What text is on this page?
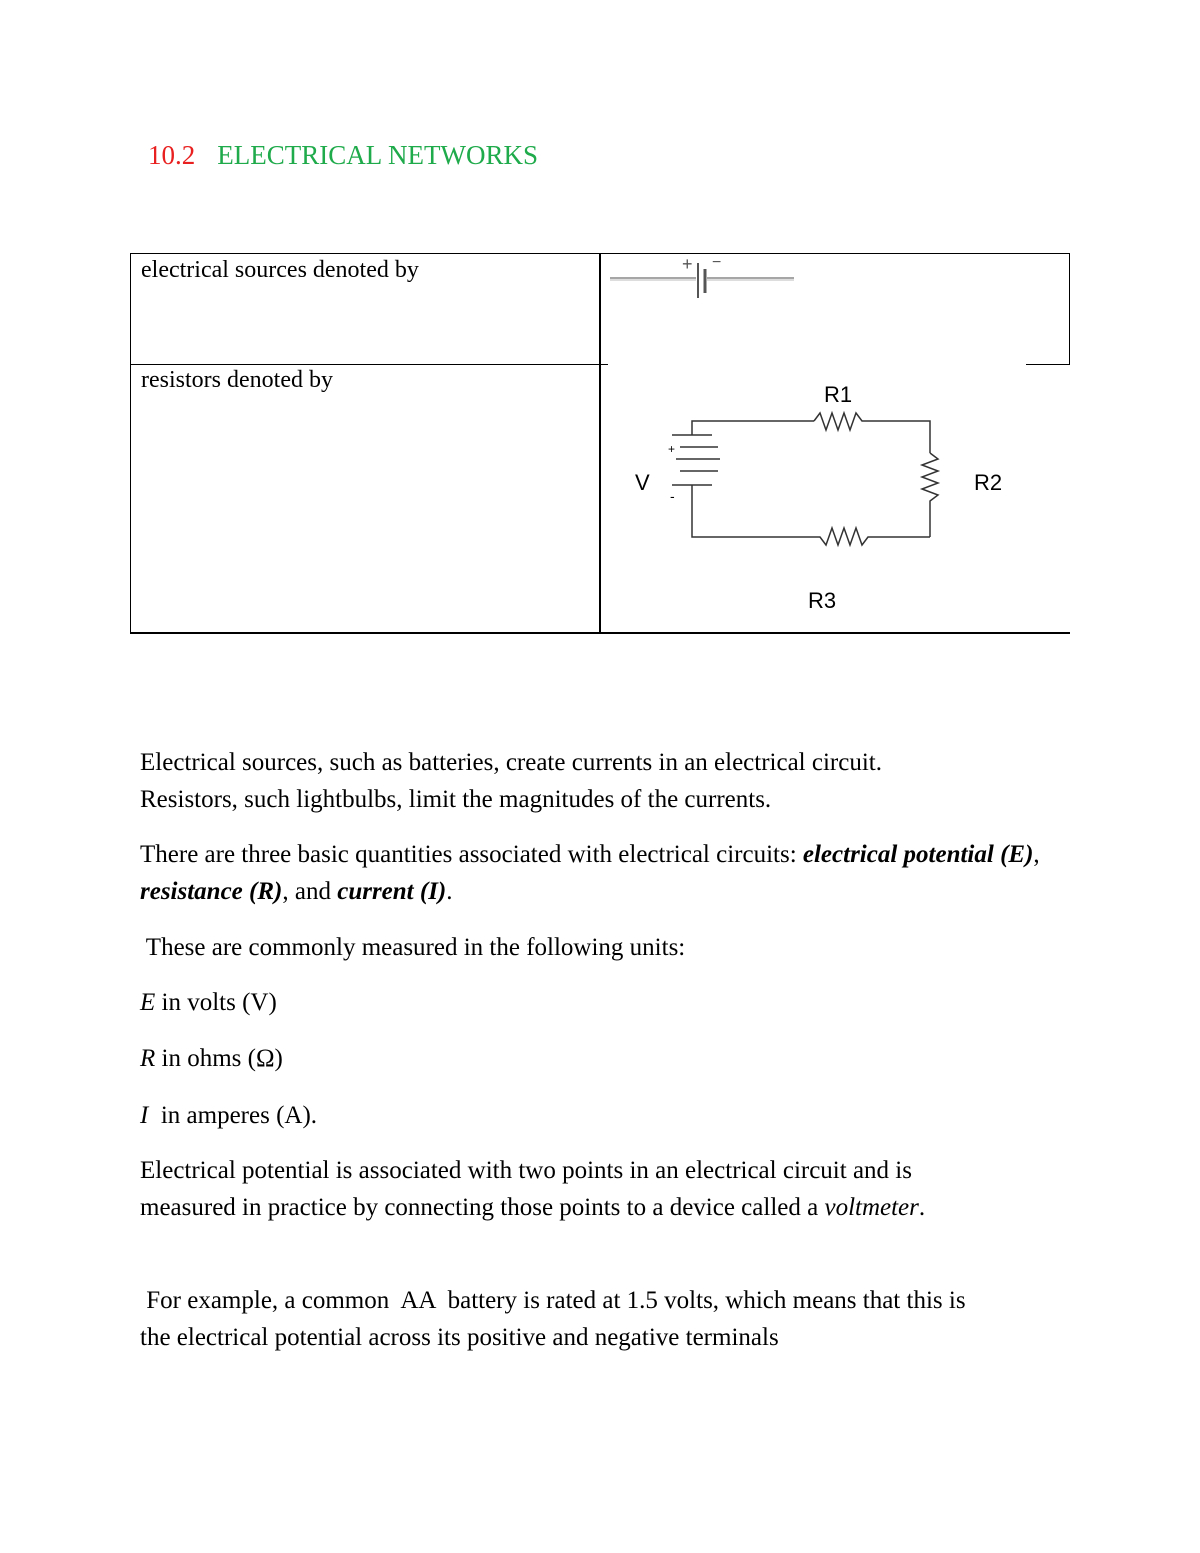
10.2 ELECTRICAL NETWORKS
electrical sources denoted by
resistors denoted by
+ −
+
-
V
R1
R2
R3
Electrical sources, such as batteries, create currents in an electrical circuit.
Resistors, such lightbulbs, limit the magnitudes of the currents.
There are three basic quantities associated with electrical circuits: electrical potential (E), resistance (R), and current (I).
These are commonly measured in the following units:
E in volts (V)
R in ohms (Ω)
I  in amperes (A).
Electrical potential is associated with two points in an electrical circuit and is
measured in practice by connecting those points to a device called a voltmeter.

For example, a common  AA  battery is rated at 1.5 volts, which means that this is
the electrical potential across its positive and negative terminals
